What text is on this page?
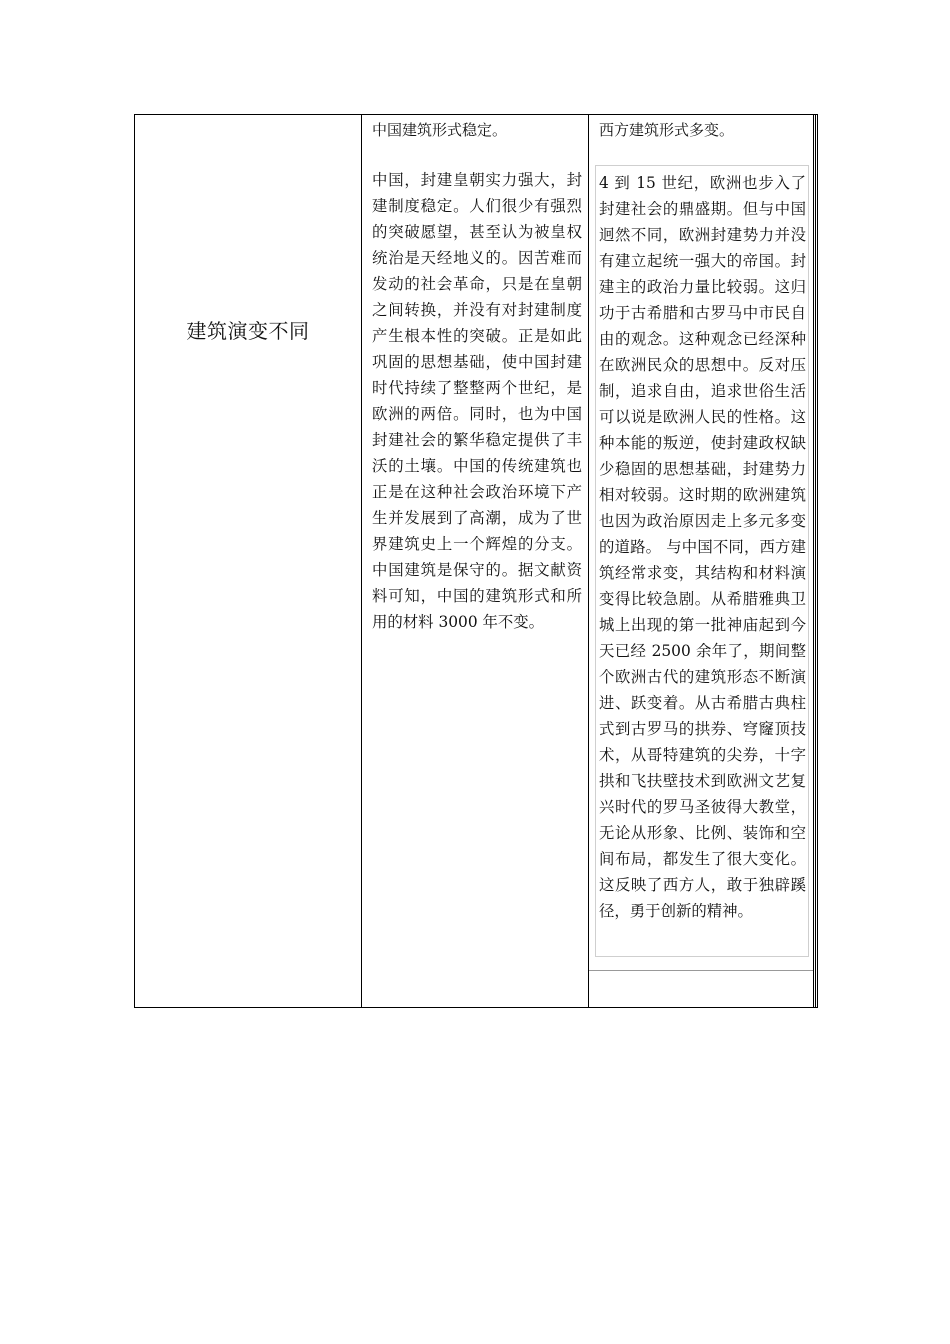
建筑演变不同
中国建筑形式稳定。
中国，封建皇朝实力强大，封建制度稳定。人们很少有强烈的突破愿望，甚至认为被皇权统治是天经地义的。因苦难而发动的社会革命，只是在皇朝之间转换，并没有对封建制度产生根本性的突破。正是如此巩固的思想基础，使中国封建时代持续了整整两个世纪，是欧洲的两倍。同时，也为中国封建社会的繁华稳定提供了丰沃的土壤。中国的传统建筑也正是在这种社会政治环境下产生并发展到了高潮，成为了世界建筑史上一个辉煌的分支。中国建筑是保守的。据文献资料可知，中国的建筑形式和所用的材料 3000 年不变。
西方建筑形式多变。
4 到 15 世纪，欧洲也步入了封建社会的鼎盛期。但与中国迥然不同，欧洲封建势力并没有建立起统一强大的帝国。封建主的政治力量比较弱。这归功于古希腊和古罗马中市民自由的观念。这种观念已经深种在欧洲民众的思想中。反对压制，追求自由，追求世俗生活可以说是欧洲人民的性格。这种本能的叛逆，使封建政权缺少稳固的思想基础，封建势力相对较弱。这时期的欧洲建筑也因为政治原因走上多元多变的道路。 与中国不同，西方建筑经常求变，其结构和材料演变得比较急剧。从希腊雅典卫城上出现的第一批神庙起到今天已经 2500 余年了，期间整个欧洲古代的建筑形态不断演进、跃变着。从古希腊古典柱式到古罗马的拱券、穹窿顶技术，从哥特建筑的尖券，十字拱和飞扶壁技术到欧洲文艺复兴时代的罗马圣彼得大教堂，无论从形象、比例、装饰和空间布局，都发生了很大变化。这反映了西方人，敢于独辟蹊径，勇于创新的精神。
